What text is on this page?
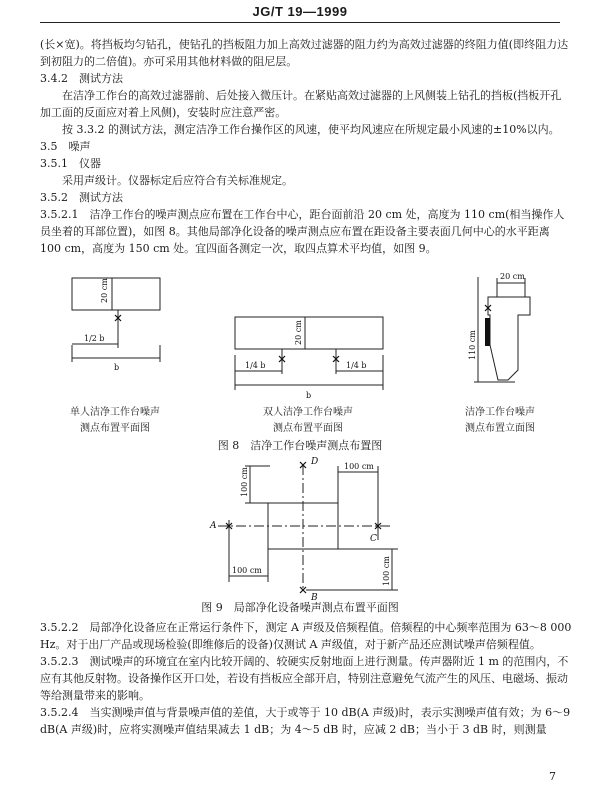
JG/T 19—1999

(长×宽)。将挡板均匀钻孔，使钻孔的挡板阻力加上高效过滤器的阻力约为高效过滤器的终阻力值(即终阻力达到初阻力的二倍值)。亦可采用其他材料做的阻尼层。

3.4.2　测试方法

在洁净工作台的高效过滤器前、后处接入微压计。在紧贴高效过滤器的上风侧装上钻孔的挡板(挡板开孔加工面的反面应对着上风侧)，安装时应注意严密。

按 3.3.2 的测试方法，测定洁净工作台操作区的风速，使平均风速应在所规定最小风速的±10%以内。

3.5　噪声

3.5.1　仪器

采用声级计。仪器标定后应符合有关标准规定。

3.5.2　测试方法

3.5.2.1　洁净工作台的噪声测点应布置在工作台中心，距台面前沿 20 cm 处，高度为 110 cm(相当操作人员坐着的耳部位置)，如图 8。其他局部净化设备的噪声测点应布置在距设备主要表面几何中心的水平距离 100 cm，高度为 150 cm 处。宜四面各测定一次，取四点算术平均值，如图 9。

20 cm
1/2 b
b
20 cm
1/4 b	1/4 b
b
20 cm
110 cm
单人洁净工作台噪声
测点布置平面图
双人洁净工作台噪声
测点布置平面图
洁净工作台噪声
测点布置立面图
图 8　洁净工作台噪声测点布置图
D
A
C
B
100 cm
100 cm
100 cm	100 cm
图 9　局部净化设备噪声测点布置平面图

3.5.2.2　局部净化设备应在正常运行条件下，测定 A 声级及倍频程值。倍频程的中心频率范围为 63～8 000 Hz。对于出厂产品或现场检验(即维修后的设备)仅测试 A 声级值，对于新产品还应测试噪声倍频程值。

3.5.2.3　测试噪声的环境宜在室内比较开阔的、较硬实反射地面上进行测量。传声器附近 1 m 的范围内，不应有其他反射物。设备操作区开口处，若设有挡板应全部开启，特别注意避免气流产生的风压、电磁场、振动等给测量带来的影响。

3.5.2.4　当实测噪声值与背景噪声值的差值，大于或等于 10 dB(A 声级)时，表示实测噪声值有效；为 6～9 dB(A 声级)时，应将实测噪声值结果减去 1 dB；为 4～5 dB 时，应减 2 dB；当小于 3 dB 时，则测量

7
